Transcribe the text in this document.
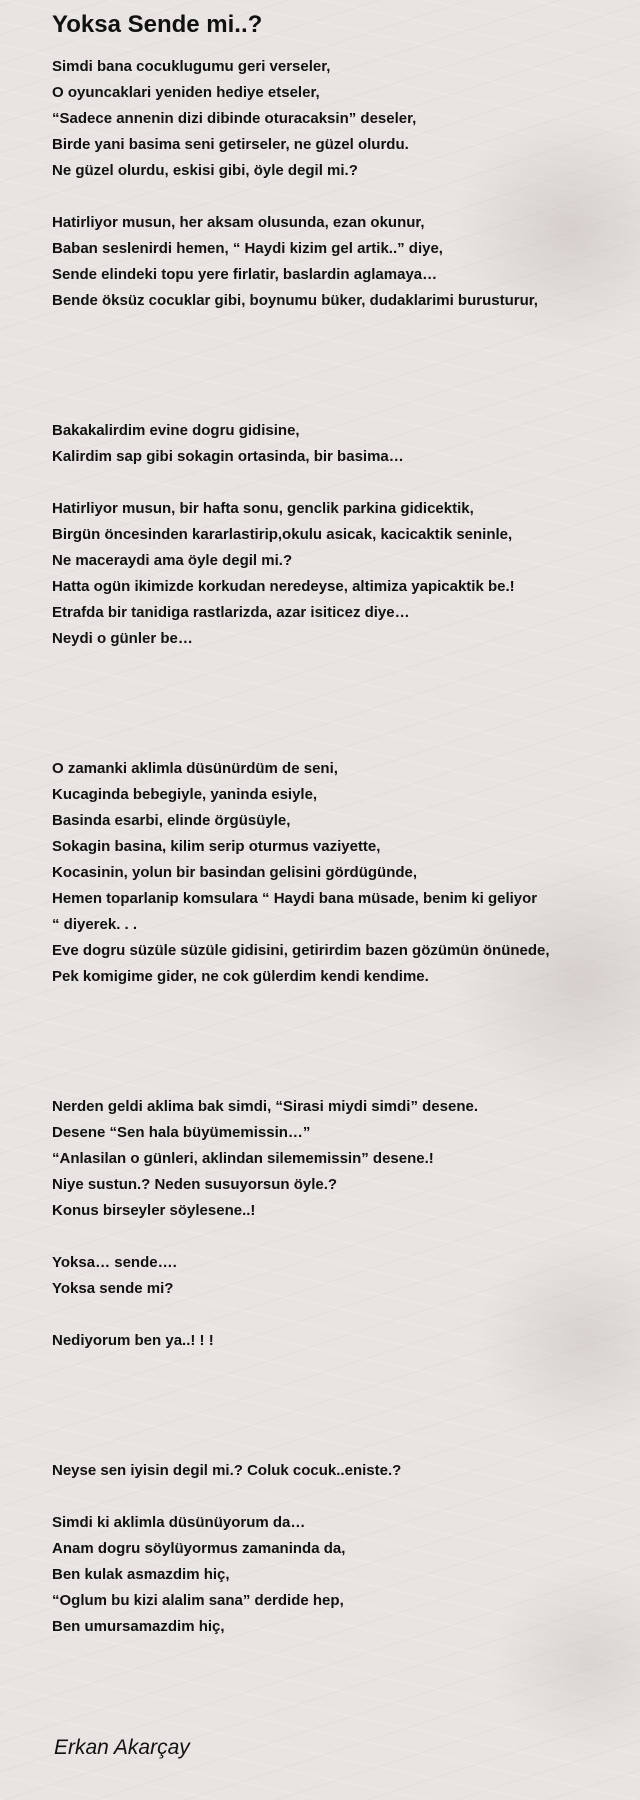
Yoksa Sende mi..?
Simdi bana cocuklugumu geri verseler,
O oyuncaklari yeniden hediye etseler,
“Sadece annenin dizi dibinde oturacaksin” deseler,
Birde yani basima seni getirseler, ne güzel olurdu.
Ne güzel olurdu, eskisi gibi, öyle degil mi.?
Hatirliyor musun, her aksam olusunda, ezan okunur,
Baban seslenirdi hemen, “ Haydi kizim gel artik..” diye,
Sende elindeki topu yere firlatir, baslardin aglamaya…
Bende öksüz cocuklar gibi, boynumu büker, dudaklarimi burusturur,
Bakakalirdim evine dogru gidisine,
Kalirdim sap gibi sokagin ortasinda, bir basima…
Hatirliyor musun, bir hafta sonu, genclik parkina gidicektik,
Birgün öncesinden kararlastirip,okulu asicak, kacicaktik seninle,
Ne maceraydi ama öyle degil mi.?
Hatta ogün ikimizde korkudan neredeyse, altimiza yapicaktik be.!
Etrafda bir tanidiga rastlarizda, azar isiticez diye…
Neydi o günler be…
O zamanki aklimla düsünürdüm de seni,
Kucaginda bebegiyle, yaninda esiyle,
Basinda esarbi, elinde örgüsüyle,
Sokagin basina, kilim serip oturmus vaziyette,
Kocasinin, yolun bir basindan gelisini gördügünde,
Hemen toparlanip komsulara “ Haydi bana müsade, benim ki geliyor
“ diyerek. . .
Eve dogru süzüle süzüle gidisini, getirirdim bazen gözümün önünede,
Pek komigime gider, ne cok gülerdim kendi kendime.
Nerden geldi aklima bak simdi, “Sirasi miydi simdi” desene.
Desene “Sen hala büyümemissin…”
“Anlasilan o günleri, aklindan silememissin” desene.!
Niye sustun.? Neden susuyorsun öyle.?
Konus birseyler söylesene..!
Yoksa… sende….
Yoksa sende mi?
Nediyorum ben ya..! ! !
Neyse sen iyisin degil mi.? Coluk cocuk..eniste.?
Simdi ki aklimla düsünüyorum da…
Anam dogru söylüyormus zamaninda da,
Ben kulak asmazdim hiç,
“Oglum bu kizi alalim sana” derdide hep,
Ben umursamazdim hiç,
Erkan Akarçay
